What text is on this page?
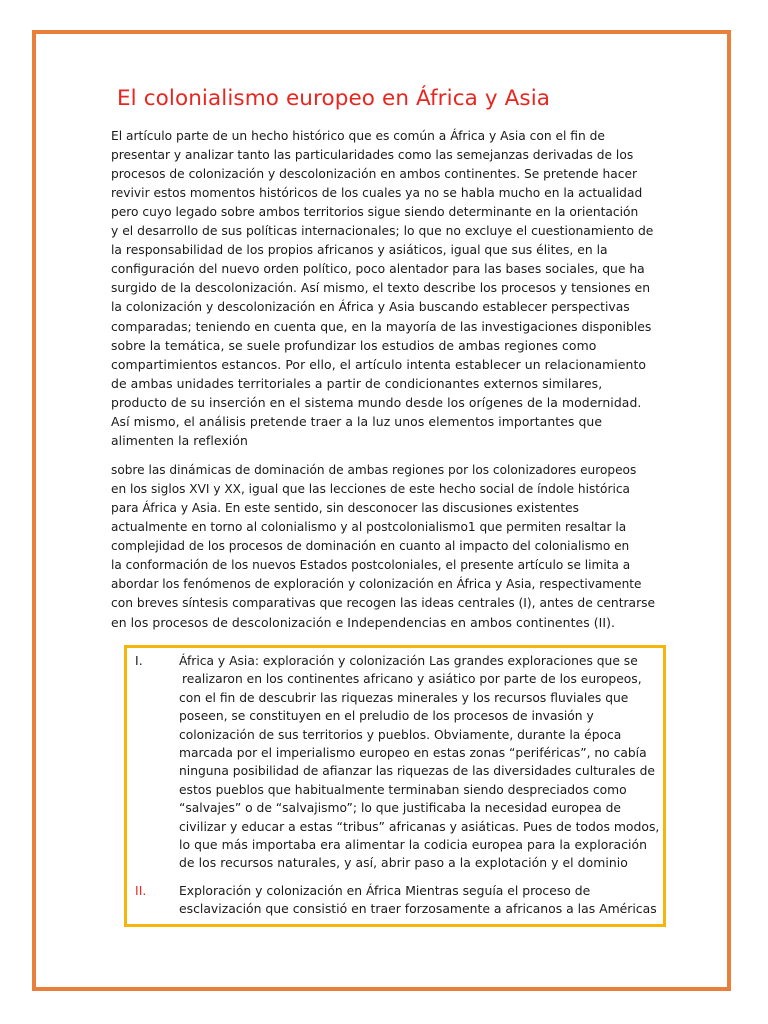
El colonialismo europeo en África y Asia
El artículo parte de un hecho histórico que es común a África y Asia con el fin de
presentar y analizar tanto las particularidades como las semejanzas derivadas de los
procesos de colonización y descolonización en ambos continentes. Se pretende hacer
revivir estos momentos históricos de los cuales ya no se habla mucho en la actualidad
pero cuyo legado sobre ambos territorios sigue siendo determinante en la orientación
y el desarrollo de sus políticas internacionales; lo que no excluye el cuestionamiento de
la responsabilidad de los propios africanos y asiáticos, igual que sus élites, en la
configuración del nuevo orden político, poco alentador para las bases sociales, que ha
surgido de la descolonización. Así mismo, el texto describe los procesos y tensiones en
la colonización y descolonización en África y Asia buscando establecer perspectivas
comparadas; teniendo en cuenta que, en la mayoría de las investigaciones disponibles
sobre la temática, se suele profundizar los estudios de ambas regiones como
compartimientos estancos. Por ello, el artículo intenta establecer un relacionamiento
de ambas unidades territoriales a partir de condicionantes externos similares,
producto de su inserción en el sistema mundo desde los orígenes de la modernidad.
Así mismo, el análisis pretende traer a la luz unos elementos importantes que
alimenten la reflexión
sobre las dinámicas de dominación de ambas regiones por los colonizadores europeos
en los siglos XVI y XX, igual que las lecciones de este hecho social de índole histórica
para África y Asia. En este sentido, sin desconocer las discusiones existentes
actualmente en torno al colonialismo y al postcolonialismo1 que permiten resaltar la
complejidad de los procesos de dominación en cuanto al impacto del colonialismo en
la conformación de los nuevos Estados postcoloniales, el presente artículo se limita a
abordar los fenómenos de exploración y colonización en África y Asia, respectivamente
con breves síntesis comparativas que recogen las ideas centrales (I), antes de centrarse
en los procesos de descolonización e Independencias en ambos continentes (II).
I.	África y Asia: exploración y colonización Las grandes exploraciones que se
realizaron en los continentes africano y asiático por parte de los europeos,
con el fin de descubrir las riquezas minerales y los recursos fluviales que
poseen, se constituyen en el preludio de los procesos de invasión y
colonización de sus territorios y pueblos. Obviamente, durante la época
marcada por el imperialismo europeo en estas zonas “periféricas”, no cabía
ninguna posibilidad de afianzar las riquezas de las diversidades culturales de
estos pueblos que habitualmente terminaban siendo despreciados como
“salvajes” o de “salvajismo”; lo que justificaba la necesidad europea de
civilizar y educar a estas “tribus” africanas y asiáticas. Pues de todos modos,
lo que más importaba era alimentar la codicia europea para la exploración
de los recursos naturales, y así, abrir paso a la explotación y el dominio
II.	Exploración y colonización en África Mientras seguía el proceso de
esclavización que consistió en traer forzosamente a africanos a las Américas
